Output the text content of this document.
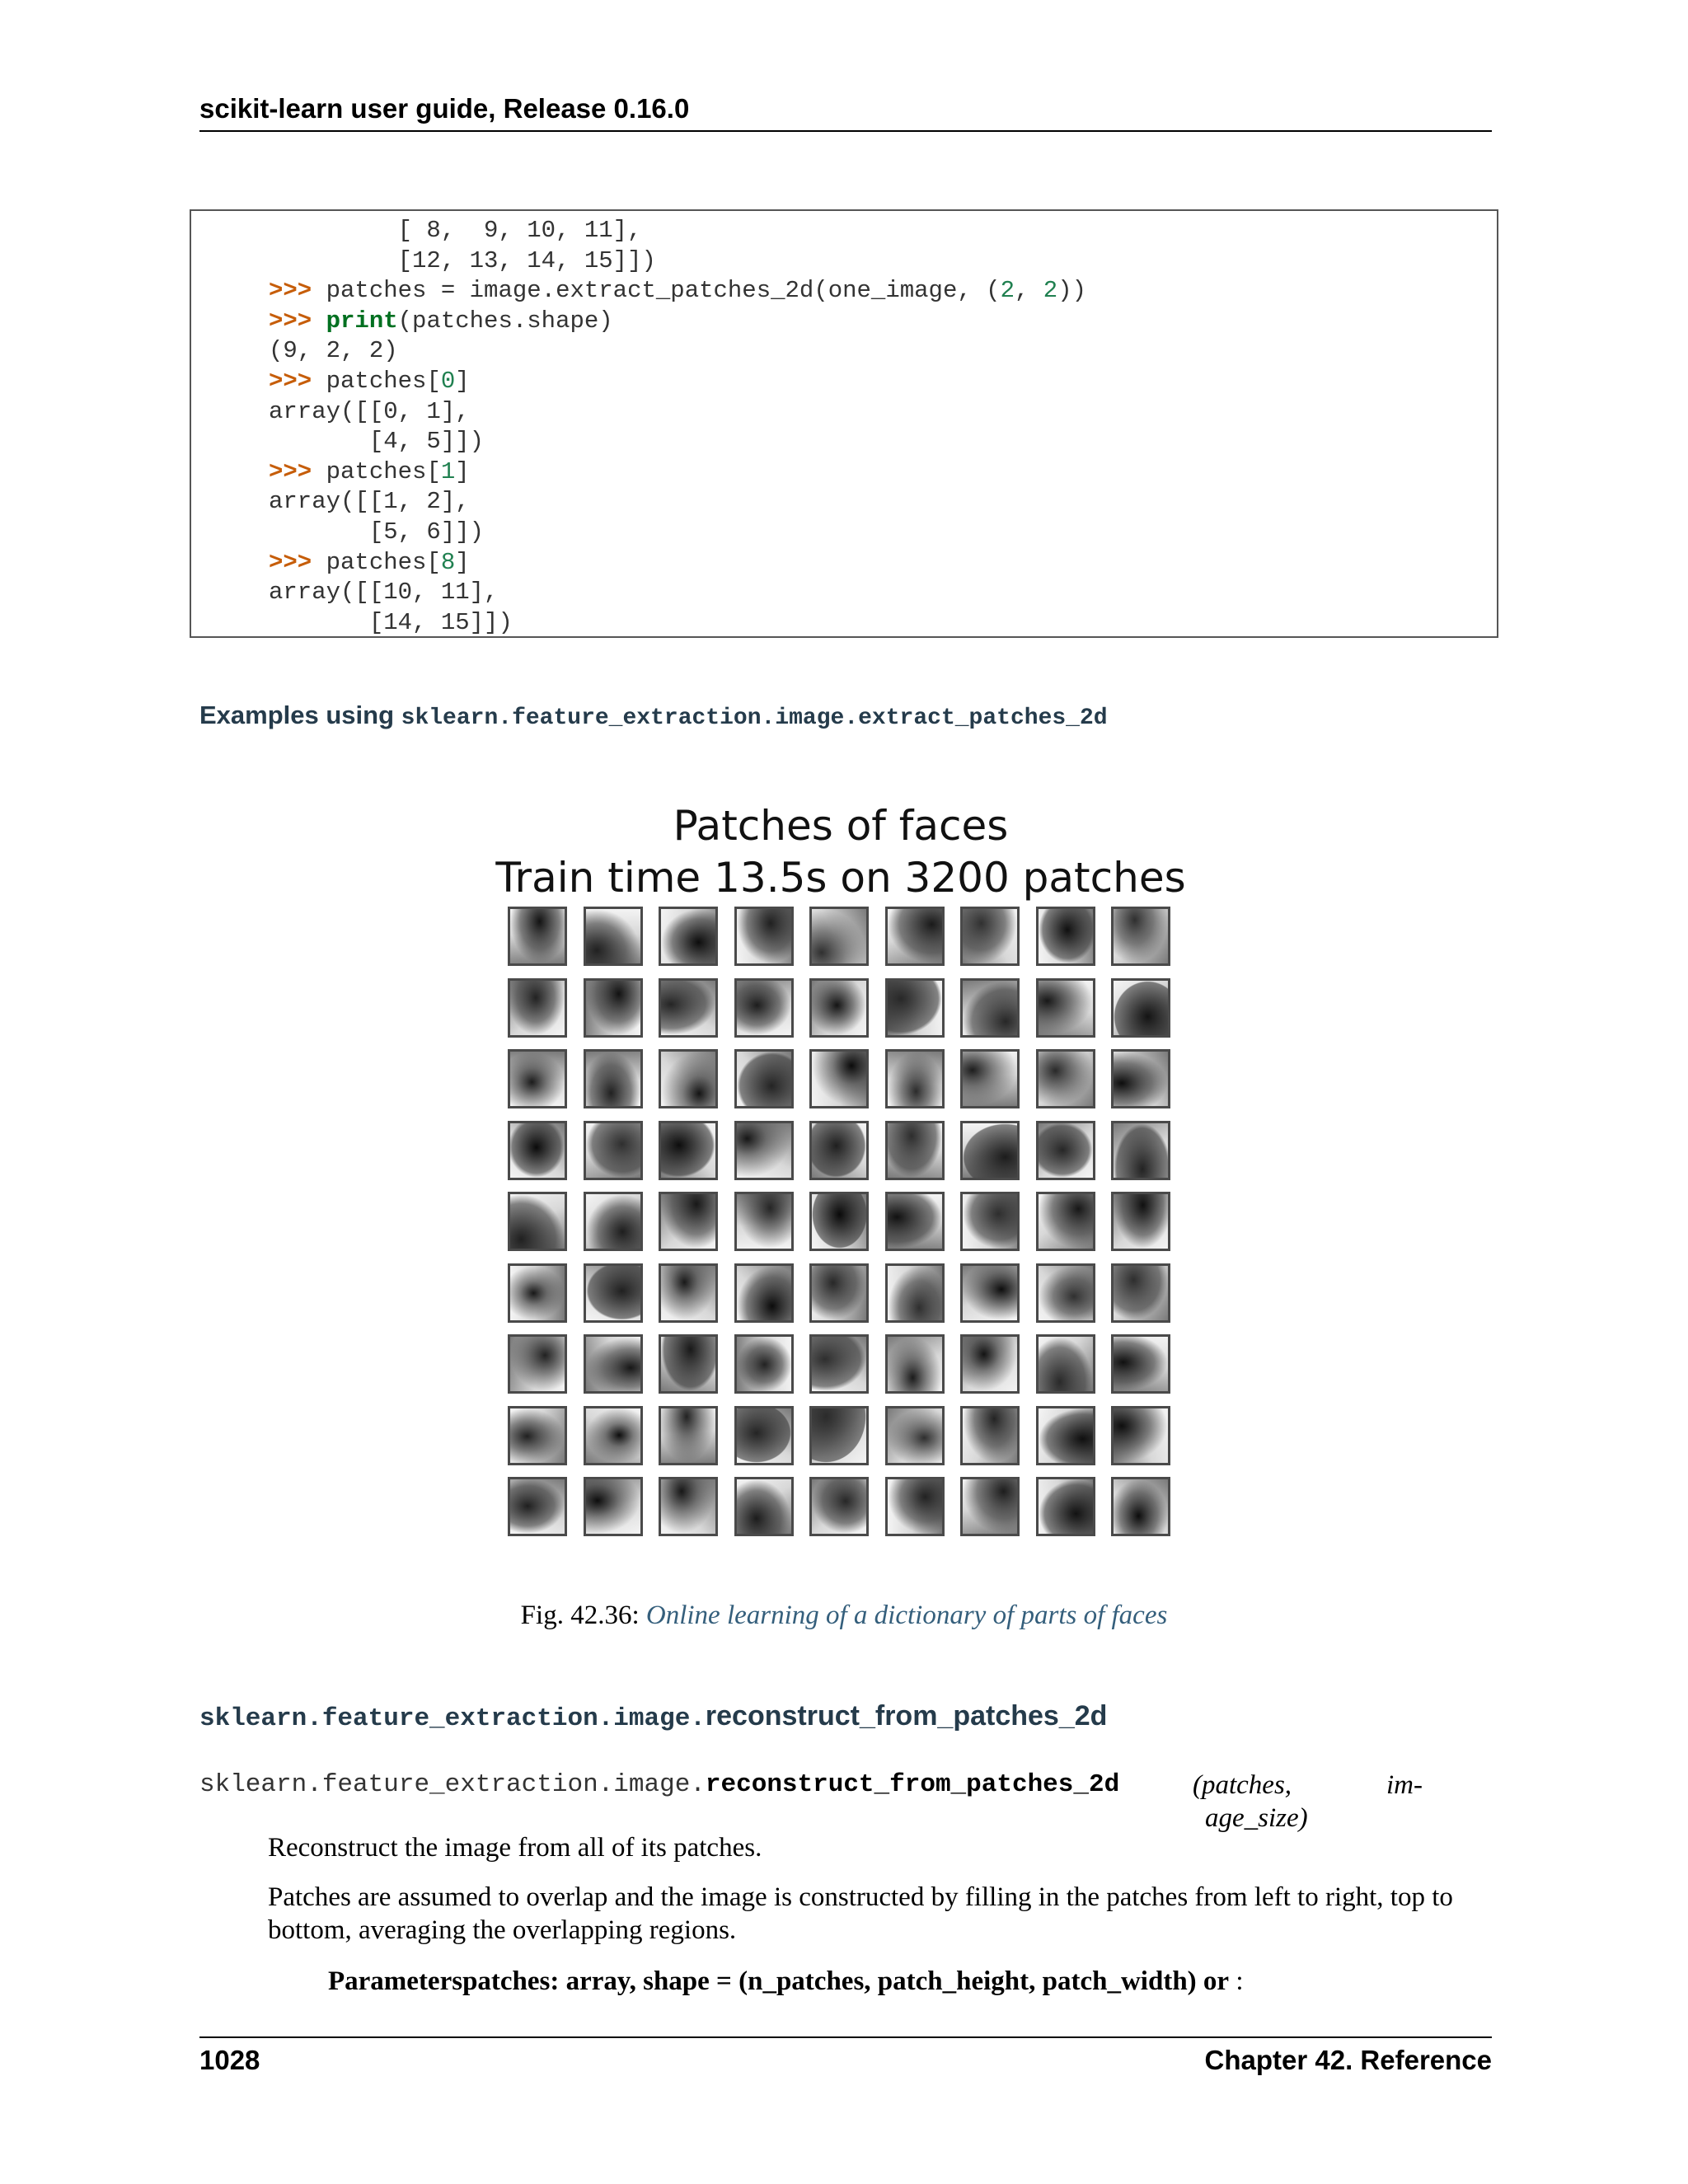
scikit-learn user guide, Release 0.16.0
[ 8,  9, 10, 11],
[12, 13, 14, 15]])
>>> patches = image.extract_patches_2d(one_image, (2, 2))
>>> print(patches.shape)
(9, 2, 2)
>>> patches[0]
array([[0, 1],
[4, 5]])
>>> patches[1]
array([[1, 2],
[5, 6]])
>>> patches[8]
array([[10, 11],
[14, 15]])
Examples using sklearn.feature_extraction.image.extract_patches_2d
Patches of faces
Train time 13.5s on 3200 patches
Fig. 42.36: Online learning of a dictionary of parts of faces
sklearn.feature_extraction.image.reconstruct_from_patches_2d
sklearn.feature_extraction.image.reconstruct_from_patches_2d	(patches,	im-
age_size)
Reconstruct the image from all of its patches.
Patches are assumed to overlap and the image is constructed by filling in the patches from left to right, top to bottom, averaging the overlapping regions.
Parameterspatches: array, shape = (n_patches, patch_height, patch_width) or :
1028	Chapter 42. Reference
